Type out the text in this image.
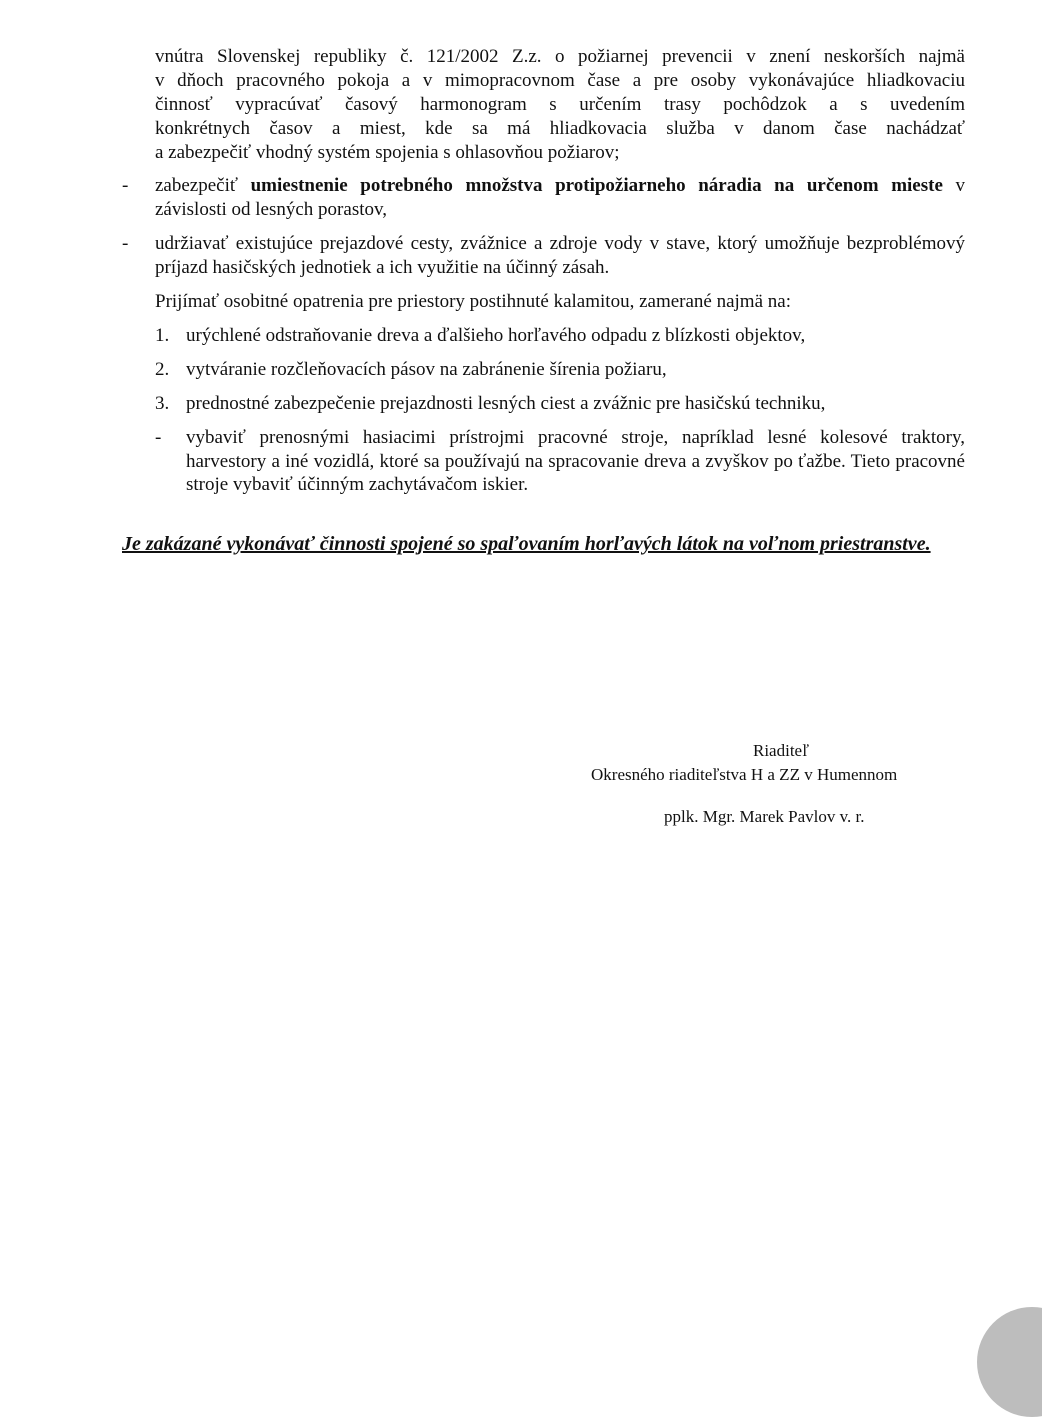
vnútra Slovenskej republiky č. 121/2002 Z.z. o požiarnej prevencii v znení neskorších najmä
v dňoch pracovného pokoja a v mimopracovnom čase a pre osoby vykonávajúce hliadkovaciu
činnosť vypracúvať časový harmonogram s určením trasy pochôdzok a s uvedením
konkrétnych časov a miest, kde sa má hliadkovacia služba v danom čase nachádzať
a zabezpečiť vhodný systém spojenia s ohlasovňou požiarov;
- zabezpečiť umiestnenie potrebného množstva protipožiarneho náradia na určenom mieste v závislosti od lesných porastov,

- udržiavať existujúce prejazdové cesty, zvážnice a zdroje vody v stave, ktorý umožňuje bezproblémový príjazd hasičských jednotiek a ich využitie na účinný zásah.

Prijímať osobitné opatrenia pre priestory postihnuté kalamitou, zamerané najmä na:
1. urýchlené odstraňovanie dreva a ďalšieho horľavého odpadu z blízkosti objektov,
2. vytváranie rozčleňovacích pásov na zabránenie šírenia požiaru,
3. prednostné zabezpečenie prejazdnosti lesných ciest a zvážnic pre hasičskú techniku,
- vybaviť prenosnými hasiacimi prístrojmi pracovné stroje, napríklad lesné kolesové traktory, harvestory a iné vozidlá, ktoré sa používajú na spracovanie dreva a zvyškov po ťažbe. Tieto pracovné stroje vybaviť účinným zachytávačom iskier.

Je zakázané vykonávať činnosti spojené so spaľovaním horľavých látok na voľnom priestranstve.

Riaditeľ
Okresného riaditeľstva H a ZZ v Humennom
pplk. Mgr. Marek Pavlov v. r.
